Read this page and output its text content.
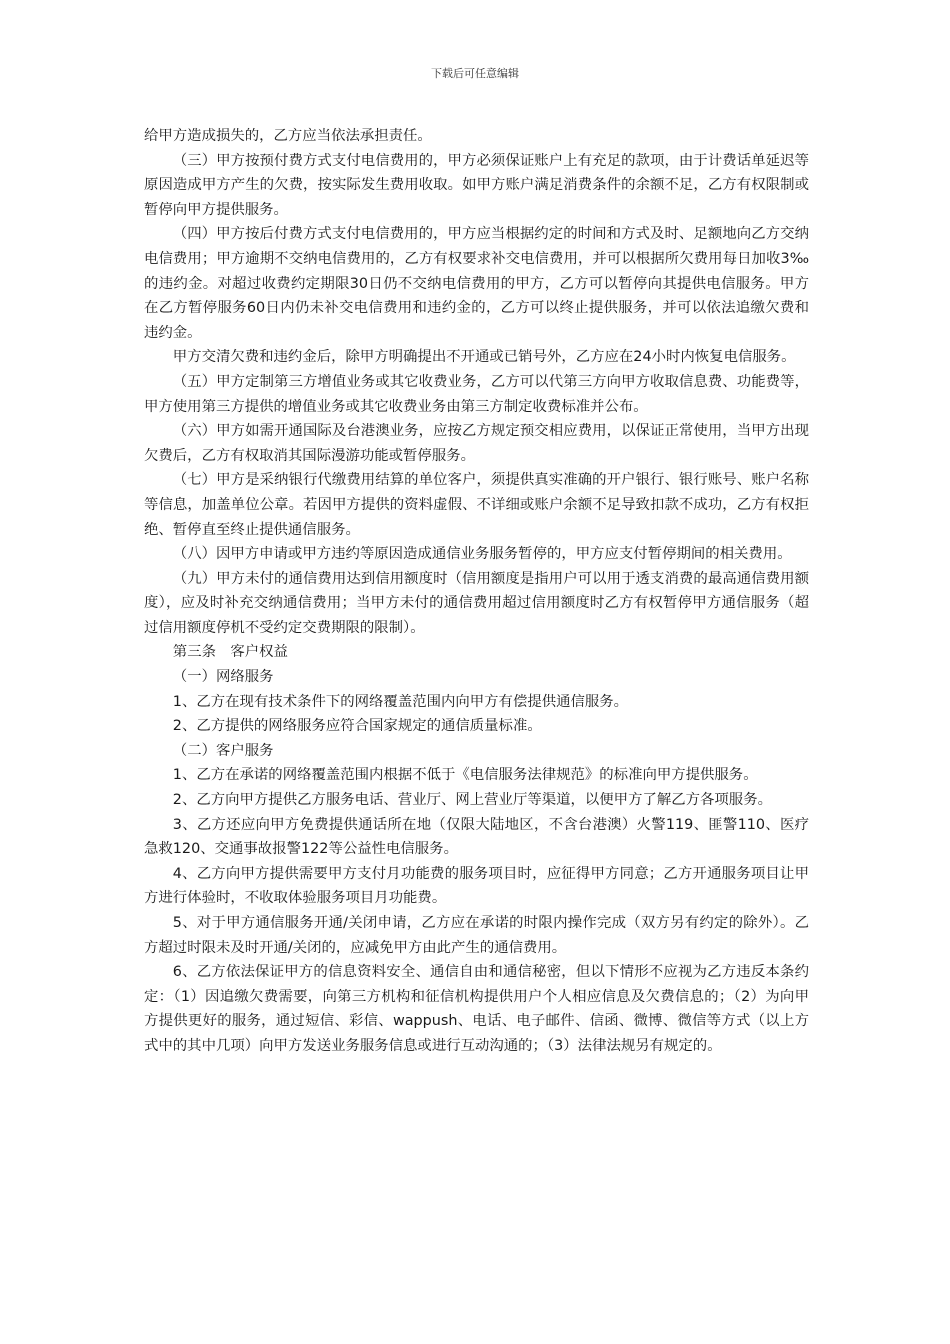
下载后可任意编辑

给甲方造成损失的，乙方应当依法承担责任。

（三）甲方按预付费方式支付电信费用的，甲方必须保证账户上有充足的款项，由于计费话单延迟等原因造成甲方产生的欠费，按实际发生费用收取。如甲方账户满足消费条件的余额不足，乙方有权限制或暂停向甲方提供服务。

（四）甲方按后付费方式支付电信费用的，甲方应当根据约定的时间和方式及时、足额地向乙方交纳电信费用；甲方逾期不交纳电信费用的，乙方有权要求补交电信费用，并可以根据所欠费用每日加收3‰的违约金。对超过收费约定期限30日仍不交纳电信费用的甲方，乙方可以暂停向其提供电信服务。甲方在乙方暂停服务60日内仍未补交电信费用和违约金的，乙方可以终止提供服务，并可以依法追缴欠费和违约金。

甲方交清欠费和违约金后，除甲方明确提出不开通或已销号外，乙方应在24小时内恢复电信服务。

（五）甲方定制第三方增值业务或其它收费业务，乙方可以代第三方向甲方收取信息费、功能费等，甲方使用第三方提供的增值业务或其它收费业务由第三方制定收费标准并公布。

（六）甲方如需开通国际及台港澳业务，应按乙方规定预交相应费用，以保证正常使用，当甲方出现欠费后，乙方有权取消其国际漫游功能或暂停服务。

（七）甲方是采纳银行代缴费用结算的单位客户，须提供真实准确的开户银行、银行账号、账户名称等信息，加盖单位公章。若因甲方提供的资料虚假、不详细或账户余额不足导致扣款不成功，乙方有权拒绝、暂停直至终止提供通信服务。

（八）因甲方申请或甲方违约等原因造成通信业务服务暂停的，甲方应支付暂停期间的相关费用。

（九）甲方未付的通信费用达到信用额度时（信用额度是指用户可以用于透支消费的最高通信费用额度），应及时补充交纳通信费用；当甲方未付的通信费用超过信用额度时乙方有权暂停甲方通信服务（超过信用额度停机不受约定交费期限的限制）。

第三条　客户权益

（一）网络服务

1、乙方在现有技术条件下的网络覆盖范围内向甲方有偿提供通信服务。

2、乙方提供的网络服务应符合国家规定的通信质量标准。

（二）客户服务

1、乙方在承诺的网络覆盖范围内根据不低于《电信服务法律规范》的标准向甲方提供服务。

2、乙方向甲方提供乙方服务电话、营业厅、网上营业厅等渠道，以便甲方了解乙方各项服务。

3、乙方还应向甲方免费提供通话所在地（仅限大陆地区，不含台港澳）火警119、匪警110、医疗急救120、交通事故报警122等公益性电信服务。

4、乙方向甲方提供需要甲方支付月功能费的服务项目时，应征得甲方同意；乙方开通服务项目让甲方进行体验时，不收取体验服务项目月功能费。

5、对于甲方通信服务开通/关闭申请，乙方应在承诺的时限内操作完成（双方另有约定的除外）。乙方超过时限未及时开通/关闭的，应减免甲方由此产生的通信费用。

6、乙方依法保证甲方的信息资料安全、通信自由和通信秘密，但以下情形不应视为乙方违反本条约定：（1）因追缴欠费需要，向第三方机构和征信机构提供用户个人相应信息及欠费信息的；（2）为向甲方提供更好的服务，通过短信、彩信、wappush、电话、电子邮件、信函、微博、微信等方式（以上方式中的其中几项）向甲方发送业务服务信息或进行互动沟通的；（3）法律法规另有规定的。
